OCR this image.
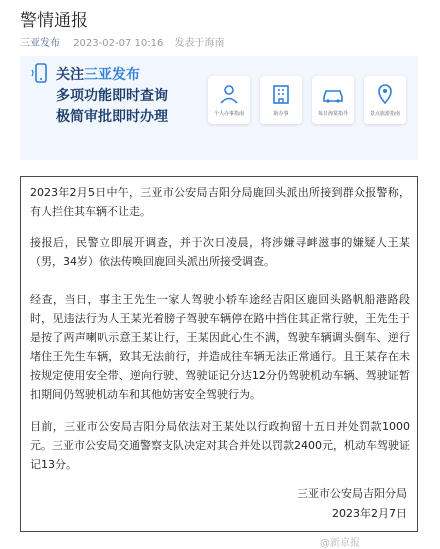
警情通报
三亚发布 2023-02-07 10:16 发表于海南
关注三亚发布
多项功能即时查询
极简审批即时办理	个人办事指南	街办事	每日海棠指导	景点旅游指南
2023年2月5日中午，三亚市公安局吉阳分局鹿回头派出所接到群众报警称，有人拦住其车辆不让走。
接报后，民警立即展开调查，并于次日凌晨，将涉嫌寻衅滋事的嫌疑人王某（男，34岁）依法传唤回鹿回头派出所接受调查。
经查，当日，事主王先生一家人驾驶小轿车途经吉阳区鹿回头路帆船港路段时，见违法行为人王某光着膀子驾驶车辆停在路中挡住其正常行驶，王先生于是按了两声喇叭示意王某让行，王某因此心生不满，驾驶车辆调头倒车、逆行堵住王先生车辆，致其无法前行，并造成往车辆无法正常通行。且王某存在未按规定使用安全带、逆向行驶、驾驶证记分达12分仍驾驶机动车辆、驾驶证暂扣期间仍驾驶机动车和其他妨害安全驾驶行为。
目前，三亚市公安局吉阳分局依法对王某处以行政拘留十五日并处罚款1000元。三亚市公安局交通警察支队决定对其合并处以罚款2400元，机动车驾驶证记13分。
三亚市公安局吉阳分局
2023年2月7日
@新京报
